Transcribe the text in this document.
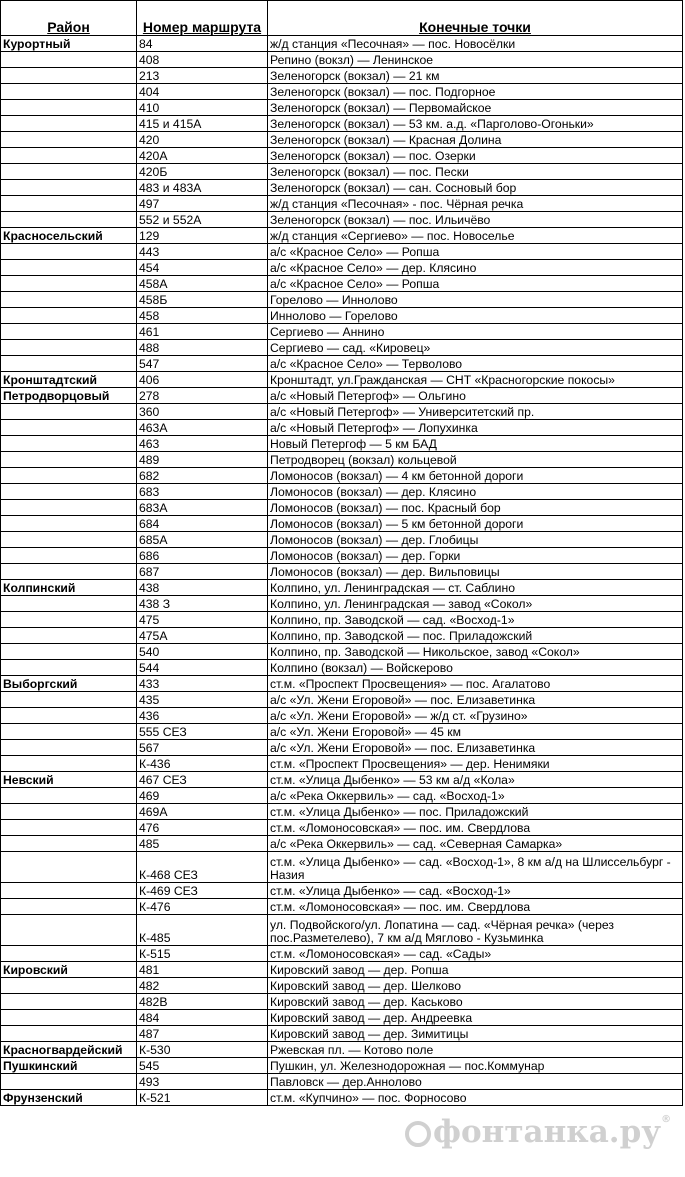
Район	Номер маршрута	Конечные точки
Курортный	84	ж/д станция «Песочная» — пос. Новосёлки
	408	Репино (вокзл) — Ленинское
	213	Зеленогорск (вокзал) — 21 км
	404	Зеленогорск (вокзал) — пос. Подгорное
	410	Зеленогорск (вокзал) — Первомайское
	415 и 415А	Зеленогорск (вокзал) — 53 км. а.д. «Парголово-Огоньки»
	420	Зеленогорск (вокзал) — Красная Долина
	420А	Зеленогорск (вокзал) — пос. Озерки
	420Б	Зеленогорск (вокзал) — пос. Пески
	483 и 483А	Зеленогорск (вокзал) — сан. Сосновый бор
	497	ж/д станция «Песочная» - пос. Чёрная речка
	552 и 552А	Зеленогорск (вокзал) — пос. Ильичёво
Красносельский	129	ж/д станция «Сергиево» — пос. Новоселье
	443	а/с «Красное Село» — Ропша
	454	а/с «Красное Село» — дер. Клясино
	458А	а/с «Красное Село» — Ропша
	458Б	Горелово — Иннолово
	458	Иннолово — Горелово
	461	Сергиево — Аннино
	488	Сергиево — сад. «Кировец»
	547	а/с «Красное Село» — Терволово
Кронштадтский	406	Кронштадт, ул.Гражданская — СНТ «Красногорские покосы»
Петродворцовый	278	а/с «Новый Петергоф» — Ольгино
	360	а/с «Новый Петергоф» — Университетский пр.
	463А	а/с «Новый Петергоф» — Лопухинка
	463	Новый Петергоф — 5 км БАД
	489	Петродворец (вокзал) кольцевой
	682	Ломоносов (вокзал) — 4 км бетонной дороги
	683	Ломоносов (вокзал) — дер. Клясино
	683А	Ломоносов (вокзал) — пос. Красный бор
	684	Ломоносов (вокзал) — 5 км бетонной дороги
	685А	Ломоносов (вокзал) — дер. Глобицы
	686	Ломоносов (вокзал) — дер. Горки
	687	Ломоносов (вокзал) — дер. Вильповицы
Колпинский	438	Колпино, ул. Ленинградская — ст. Саблино
	438 З	Колпино, ул. Ленинградская — завод «Сокол»
	475	Колпино, пр. Заводской — сад. «Восход-1»
	475А	Колпино, пр. Заводской — пос. Приладожский
	540	Колпино, пр. Заводской — Никольское, завод «Сокол»
	544	Колпино (вокзал) — Войскерово
Выборгский	433	ст.м. «Проспект Просвещения» — пос. Агалатово
	435	а/с «Ул. Жени Егоровой» — пос. Елизаветинка
	436	а/с «Ул. Жени Егоровой» — ж/д ст. «Грузино»
	555 СЕЗ	а/с «Ул. Жени Егоровой» — 45 км
	567	а/с «Ул. Жени Егоровой» — пос. Елизаветинка
	К-436	ст.м. «Проспект Просвещения» — дер. Ненимяки
Невский	467 СЕЗ	ст.м. «Улица Дыбенко» — 53 км а/д «Кола»
	469	а/с «Река Оккервиль» — сад. «Восход-1»
	469А	ст.м. «Улица Дыбенко» — пос. Приладожский
	476	ст.м. «Ломоносовская» — пос. им. Свердлова
	485	а/с «Река Оккервиль» — сад. «Северная Самарка»
	К-468 СЕЗ	ст.м. «Улица Дыбенко» — сад. «Восход-1», 8 км а/д на Шлиссельбург - Назия
	К-469 СЕЗ	ст.м. «Улица Дыбенко» — сад. «Восход-1»
	К-476	ст.м. «Ломоносовская» — пос. им. Свердлова
	К-485	ул. Подвойского/ул. Лопатина — сад. «Чёрная речка» (через пос.Разметелево), 7 км а/д Мяглово - Кузьминка
	К-515	ст.м. «Ломоносовская» — сад. «Сады»
Кировский	481	Кировский завод — дер. Ропша
	482	Кировский завод — дер. Шелково
	482В	Кировский завод — дер. Каськово
	484	Кировский завод — дер. Андреевка
	487	Кировский завод — дер. Зимитицы
Красногвардейский	К-530	Ржевская пл. — Котово поле
Пушкинский	545	Пушкин, ул. Железнодорожная — пос.Коммунар
	493	Павловск — дер.Аннолово
Фрунзенский	К-521	ст.м. «Купчино» — пос. Форносово
фонтанка.ру®
